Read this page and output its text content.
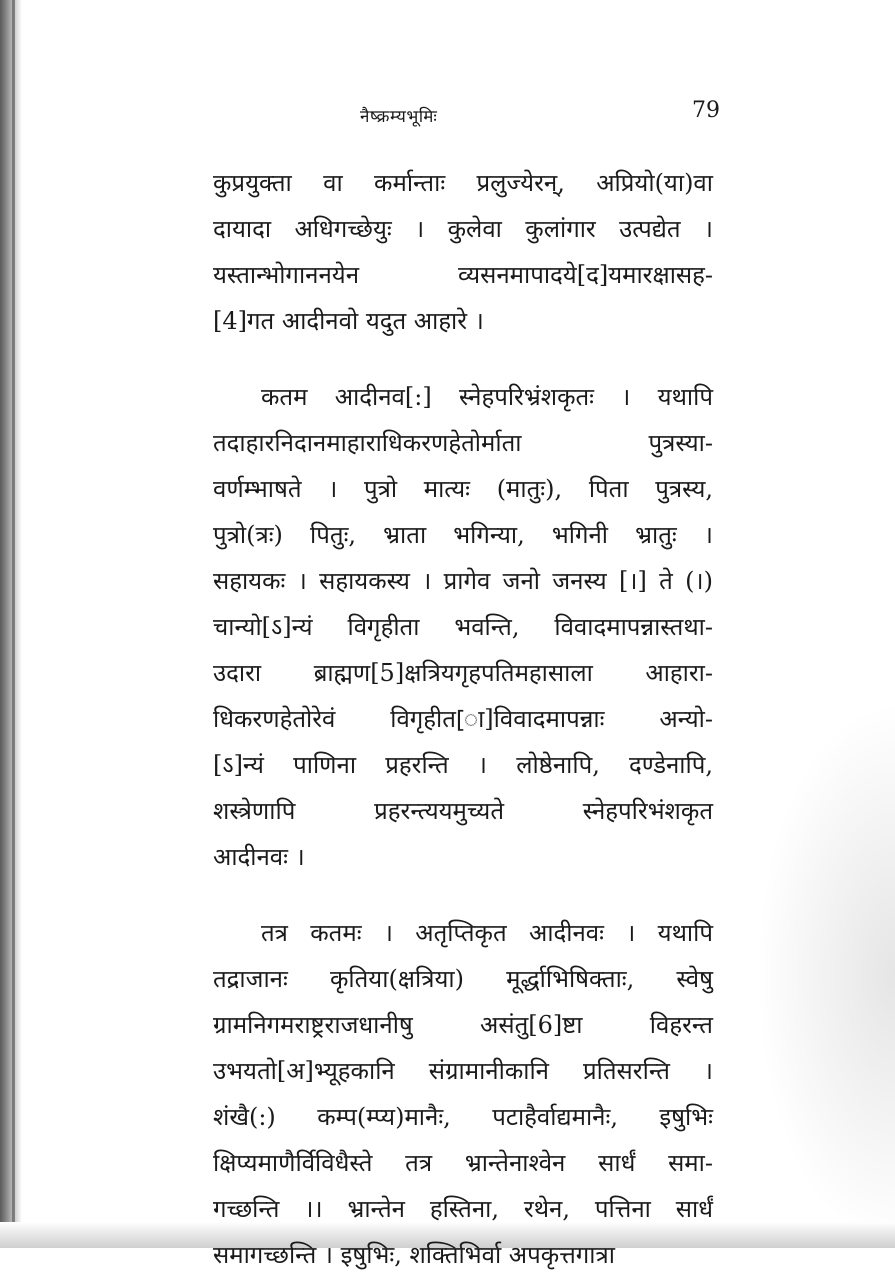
नैष्क्रम्यभूमिः	79
कुप्रयुक्ता वा कर्मान्ताः प्रलुज्येरन्, अप्रियो(या)वा
दायादा अधिगच्छेयुः । कुलेवा कुलांगार उत्पद्येत ।
यस्तान्भोगाननयेन व्यसनमापादये[द]यमारक्षासह-
[4]गत आदीनवो यदुत आहारे ।
कतम आदीनव[:] स्नेहपरिभ्रंशकृतः । यथापि
तदाहारनिदानमाहाराधिकरणहेतोर्माता पुत्रस्या-
वर्णम्भाषते । पुत्रो मात्यः (मातुः), पिता पुत्रस्य,
पुत्रो(त्रः) पितुः, भ्राता भगिन्या, भगिनी भ्रातुः ।
सहायकः । सहायकस्य । प्रागेव जनो जनस्य [।] ते (।)
चान्यो[ऽ]न्यं विगृहीता भवन्ति, विवादमापन्नास्तथा-
उदारा ब्राह्मण[5]क्षत्रियगृहपतिमहासाला आहारा-
धिकरणहेतोरेवं विगृहीत[ा]विवादमापन्नाः अन्यो-
[ऽ]न्यं पाणिना प्रहरन्ति । लोष्ठेनापि, दण्डेनापि,
शस्त्रेणापि प्रहरन्त्ययमुच्यते स्नेहपरिभंशकृत
आदीनवः ।
तत्र कतमः । अतृप्तिकृत आदीनवः । यथापि
तद्राजानः कृतिया(क्षत्रिया) मूर्द्धाभिषिक्ताः, स्वेषु
ग्रामनिगमराष्ट्रराजधानीषु असंतु[6]ष्टा विहरन्त
उभयतो[अ]भ्यूहकानि संग्रामानीकानि प्रतिसरन्ति ।
शंखै(:) कम्प(म्प्य)मानैः, पटाहैर्वाद्यमानैः, इषुभिः
क्षिप्यमाणैर्विविधैस्ते तत्र भ्रान्तेनाश्वेन सार्धं समा-
गच्छन्ति ।। भ्रान्तेन हस्तिना, रथेन, पत्तिना सार्धं
समागच्छन्ति । इषुभिः, शक्तिभिर्वा अपकृत्तगात्रा
